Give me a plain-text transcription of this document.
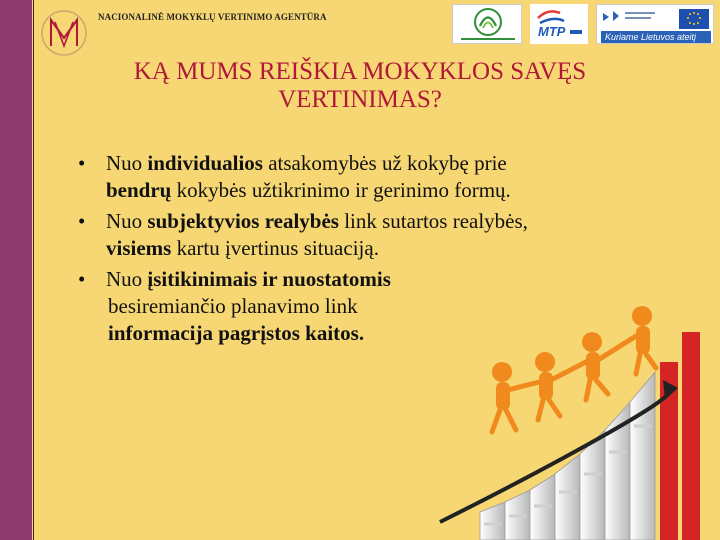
NACIONALINĖ MOKYKLŲ VERTINIMO AGENTŪRA
MTP	Kuriame Lietuvos ateitį
KĄ MUMS REIŠKIA MOKYKLOS SAVĘS
VERTINIMAS?
• Nuo individualios atsakomybės už kokybę prie
bendrų kokybės užtikrinimo ir gerinimo formų.
• Nuo subjektyvios realybės link sutartos realybės,
visiems kartu įvertinus situaciją.
• Nuo įsitikinimais ir nuostatomis
besiremiančio planavimo link
informacija pagrįstos kaitos.
